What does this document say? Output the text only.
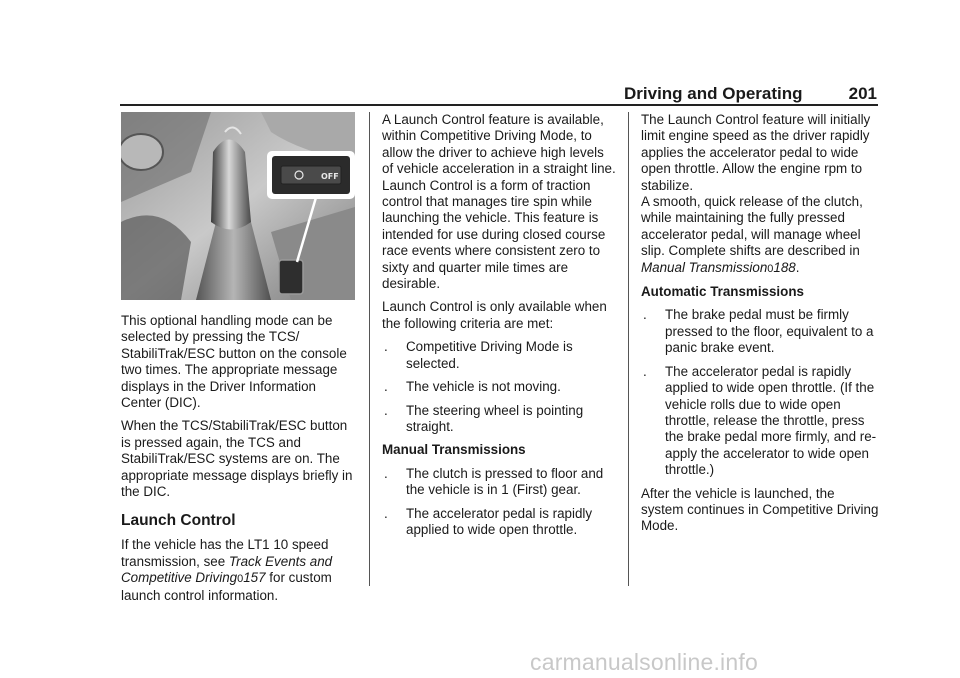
Driving and Operating	201
OFF

This optional handling mode can be selected by pressing the TCS/ StabiliTrak/ESC button on the console two times. The appropriate message displays in the Driver Information Center (DIC).

When the TCS/StabiliTrak/ESC button is pressed again, the TCS and StabiliTrak/ESC systems are on. The appropriate message displays briefly in the DIC.

Launch Control

If the vehicle has the LT1 10 speed transmission, see Track Events and Competitive Driving0157 for custom launch control information.

A Launch Control feature is available, within Competitive Driving Mode, to allow the driver to achieve high levels of vehicle acceleration in a straight line. Launch Control is a form of traction control that manages tire spin while launching the vehicle. This feature is intended for use during closed course race events where consistent zero to sixty and quarter mile times are desirable.

Launch Control is only available when the following criteria are met:

.	Competitive Driving Mode is selected.
.	The vehicle is not moving.
.	The steering wheel is pointing straight.
Manual Transmissions
.	The clutch is pressed to floor and the vehicle is in 1 (First) gear.
.	The accelerator pedal is rapidly applied to wide open throttle.

The Launch Control feature will initially limit engine speed as the driver rapidly applies the accelerator pedal to wide open throttle. Allow the engine rpm to stabilize.

A smooth, quick release of the clutch, while maintaining the fully pressed accelerator pedal, will manage wheel slip. Complete shifts are described in Manual Transmission0188.

Automatic Transmissions
.	The brake pedal must be firmly pressed to the floor, equivalent to a panic brake event.
.	The accelerator pedal is rapidly applied to wide open throttle. (If the vehicle rolls due to wide open throttle, release the throttle, press the brake pedal more firmly, and re-apply the accelerator to wide open throttle.)

After the vehicle is launched, the system continues in Competitive Driving Mode.

carmanualsonline.info
